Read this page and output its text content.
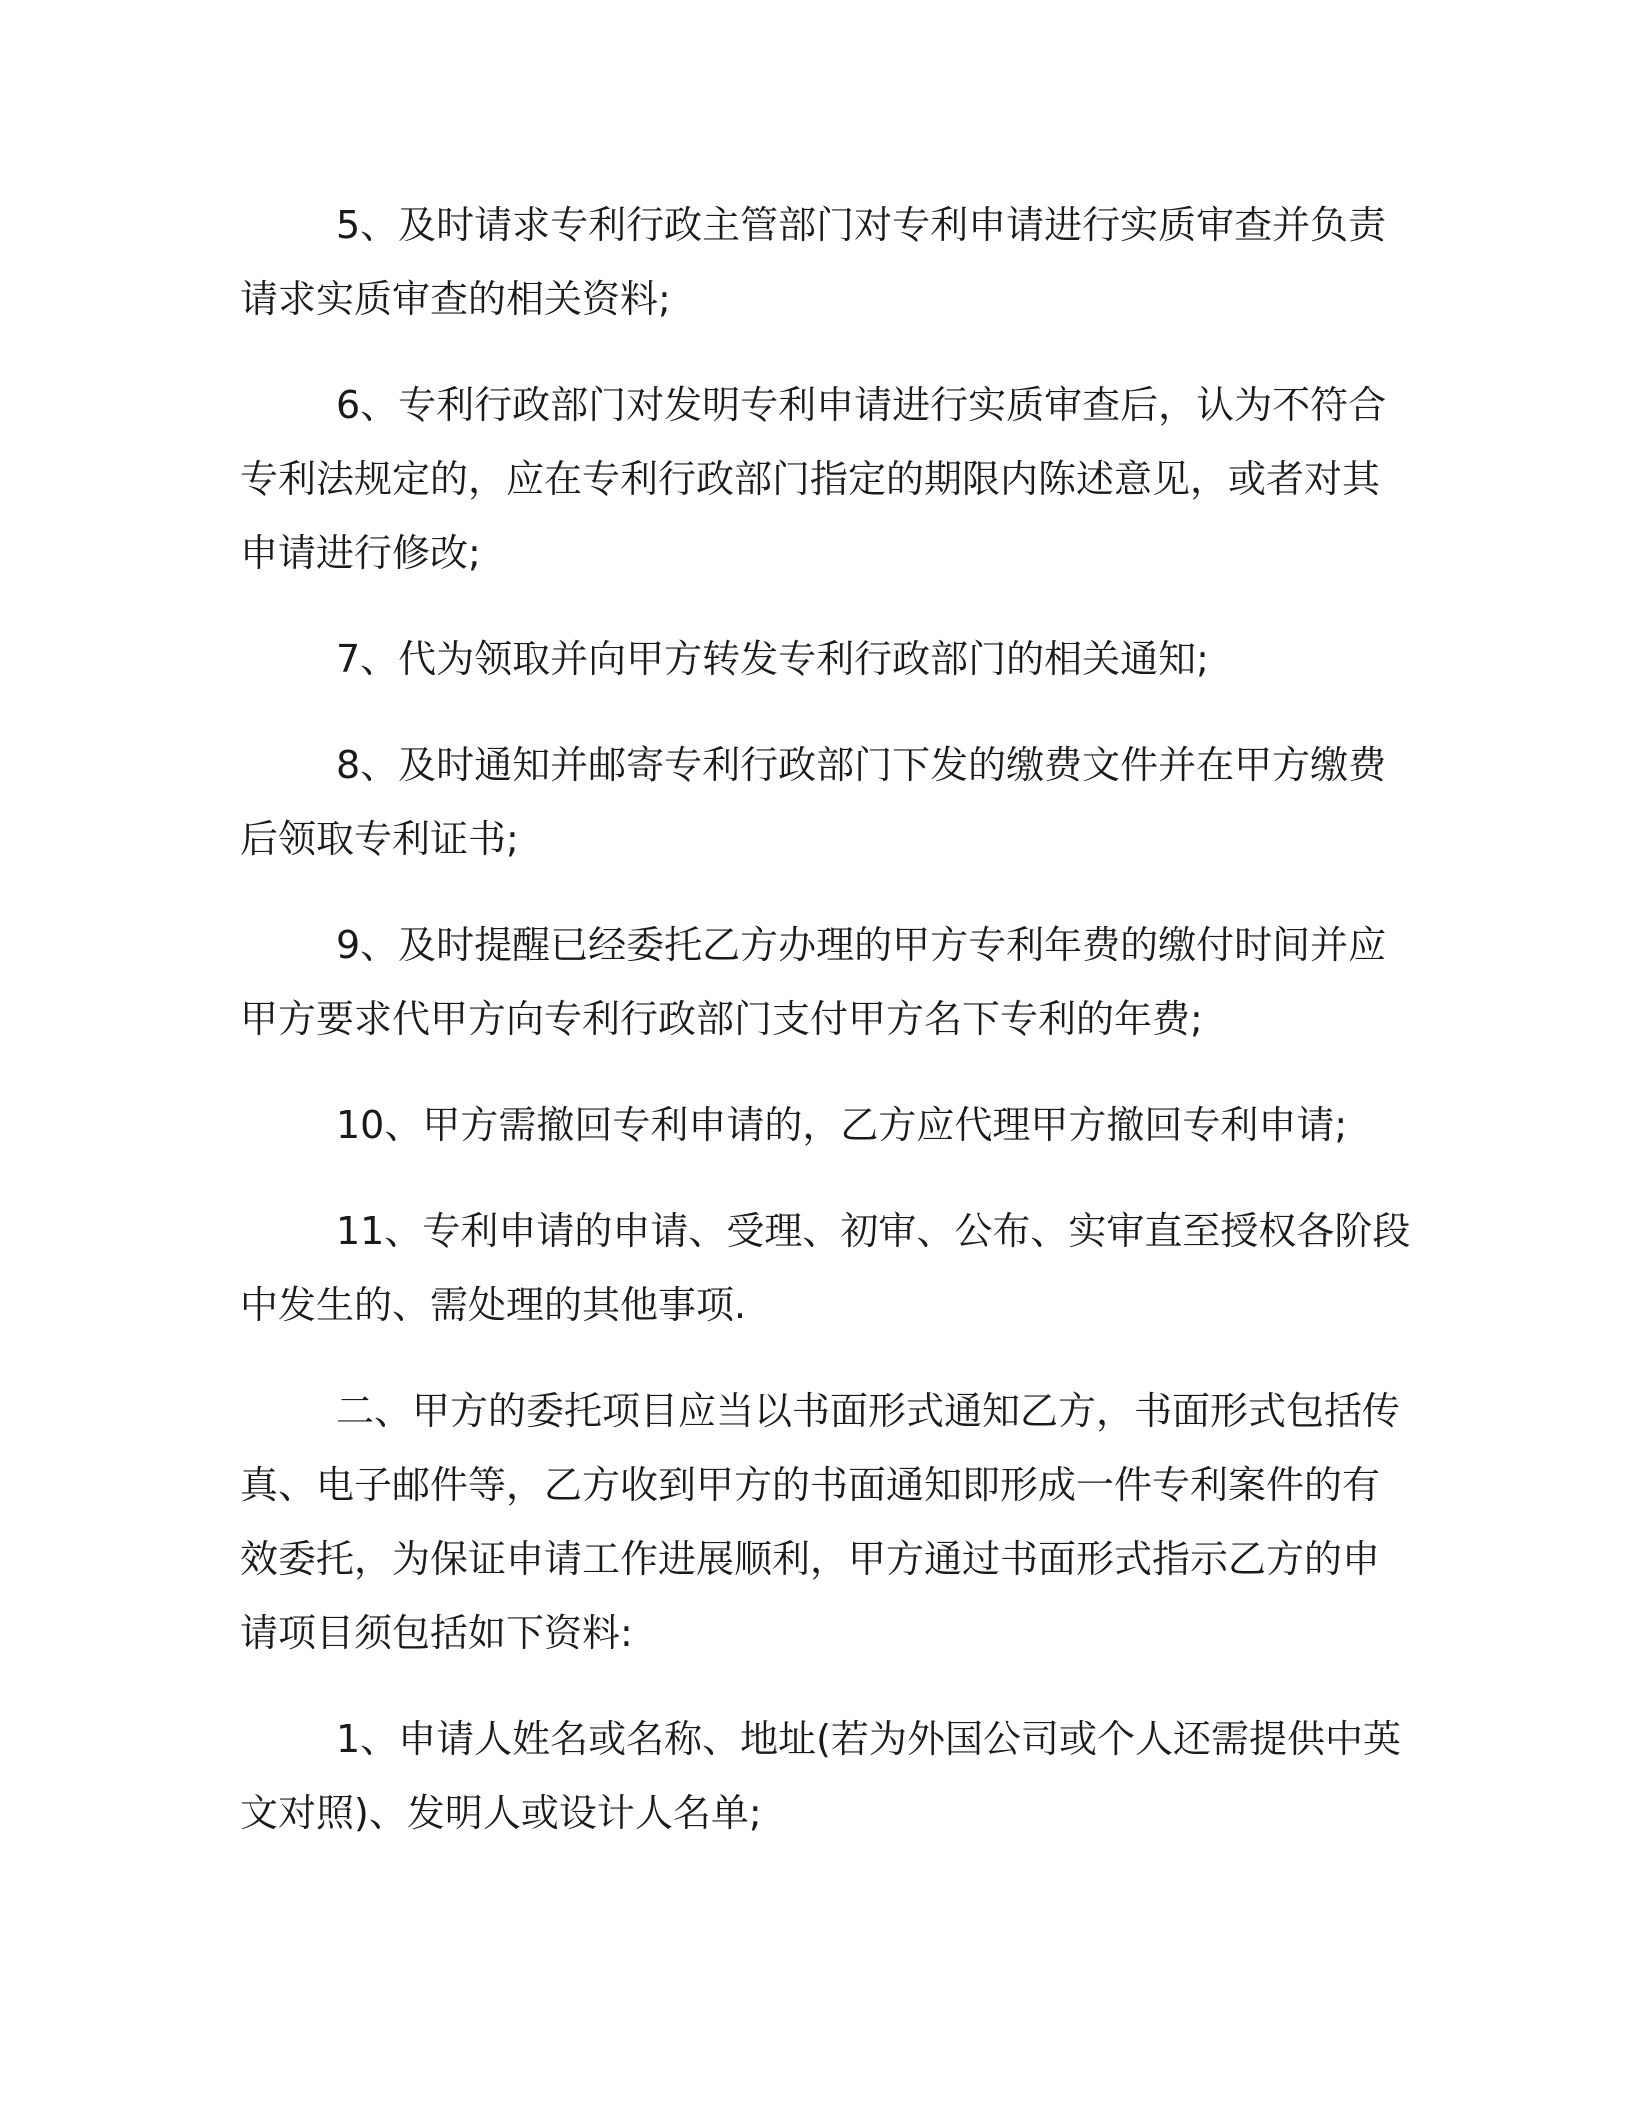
5、及时请求专利行政主管部门对专利申请进行实质审查并负责
请求实质审查的相关资料;

6、专利行政部门对发明专利申请进行实质审查后，认为不符合
专利法规定的，应在专利行政部门指定的期限内陈述意见，或者对其
申请进行修改;

7、代为领取并向甲方转发专利行政部门的相关通知;

8、及时通知并邮寄专利行政部门下发的缴费文件并在甲方缴费
后领取专利证书;

9、及时提醒已经委托乙方办理的甲方专利年费的缴付时间并应
甲方要求代甲方向专利行政部门支付甲方名下专利的年费;

10、甲方需撤回专利申请的，乙方应代理甲方撤回专利申请;

11、专利申请的申请、受理、初审、公布、实审直至授权各阶段
中发生的、需处理的其他事项.

二、甲方的委托项目应当以书面形式通知乙方，书面形式包括传
真、电子邮件等，乙方收到甲方的书面通知即形成一件专利案件的有
效委托，为保证申请工作进展顺利，甲方通过书面形式指示乙方的申
请项目须包括如下资料:

1、申请人姓名或名称、地址(若为外国公司或个人还需提供中英
文对照)、发明人或设计人名单;
